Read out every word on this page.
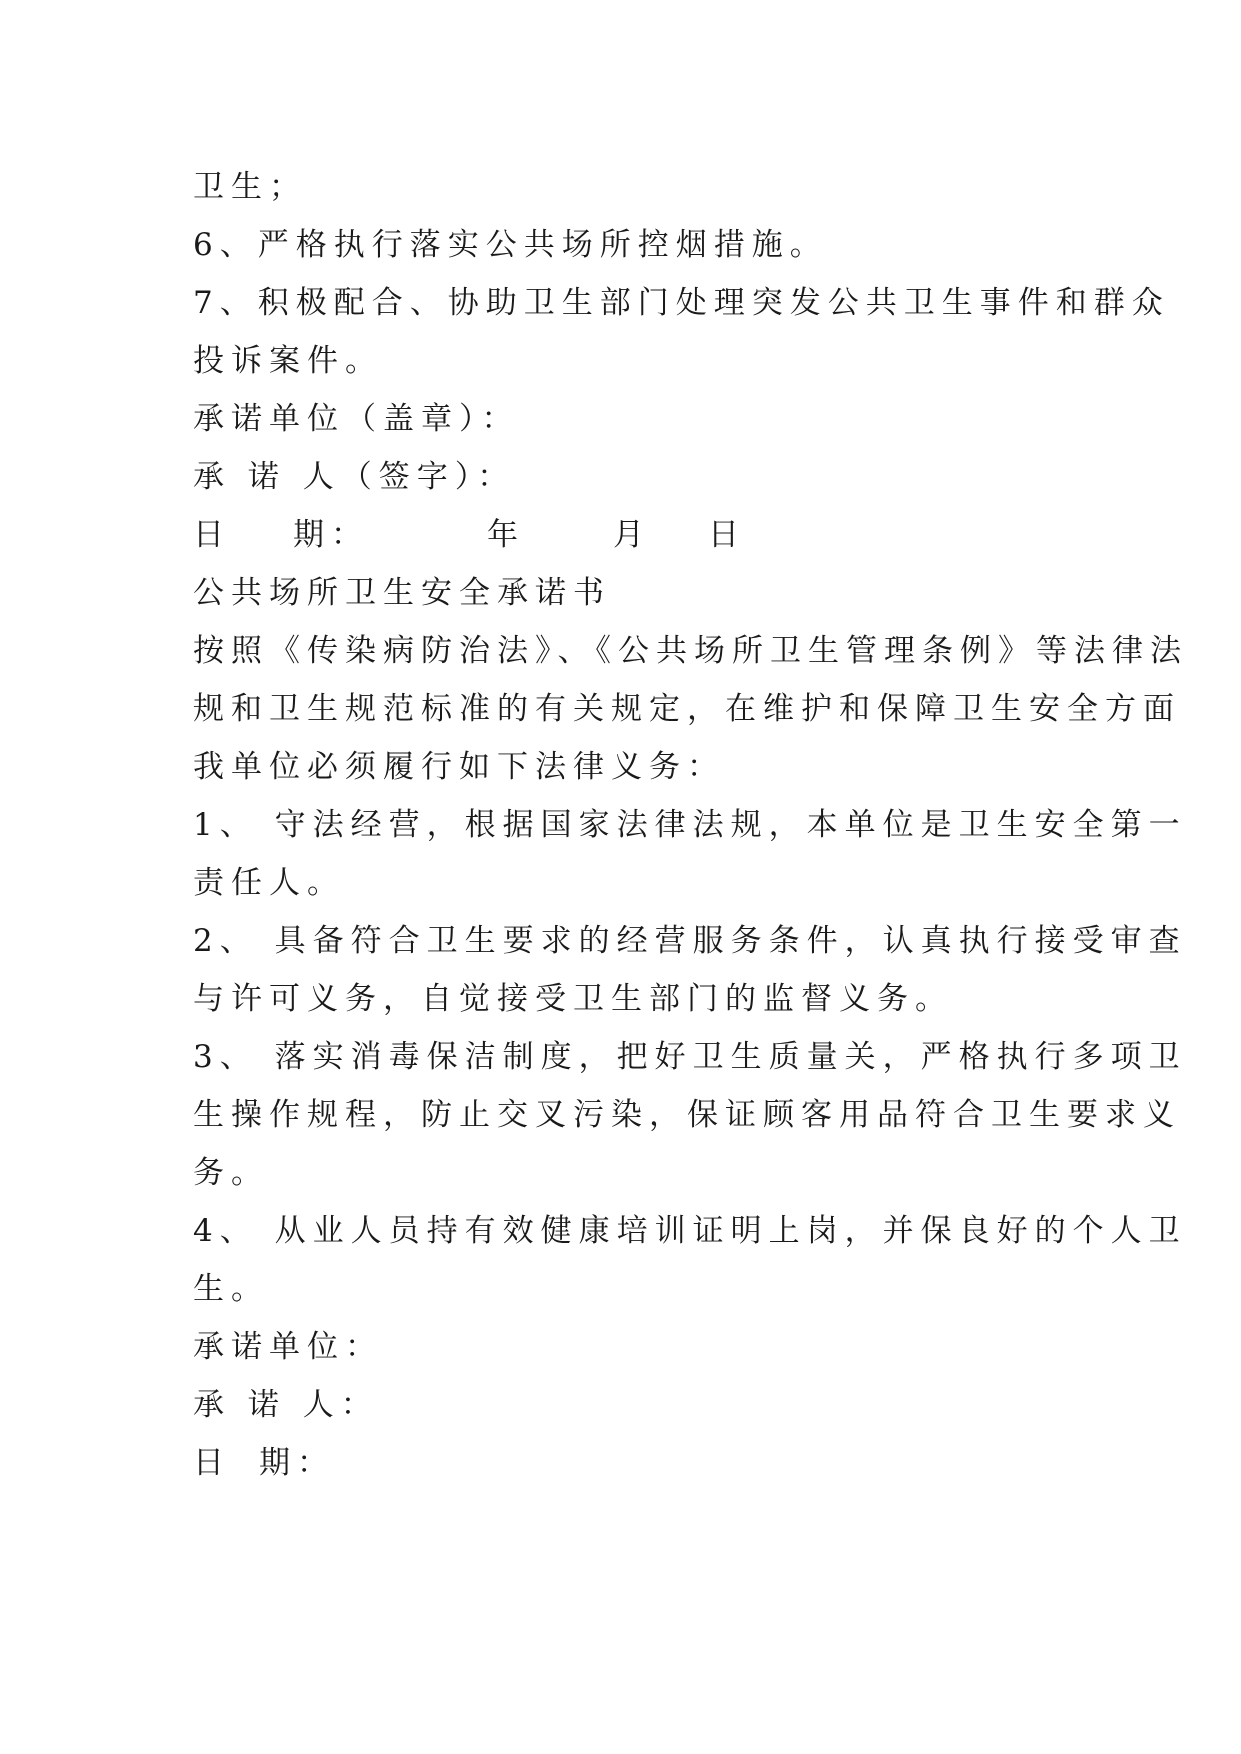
卫生；
6、严格执行落实公共场所控烟措施。
7、积极配合、协助卫生部门处理突发公共卫生事件和群众
投诉案件。
承诺单位（盖章）：
承 诺 人（签字）：
日 期：	年	月 日
公共场所卫生安全承诺书
按照《传染病防治法》、《公共场所卫生管理条例》等法律法
规和卫生规范标准的有关规定，在维护和保障卫生安全方面
我单位必须履行如下法律义务：
1、 守法经营，根据国家法律法规，本单位是卫生安全第一
责任人。
2、 具备符合卫生要求的经营服务条件，认真执行接受审查
与许可义务，自觉接受卫生部门的监督义务。
3、 落实消毒保洁制度，把好卫生质量关，严格执行多项卫
生操作规程，防止交叉污染，保证顾客用品符合卫生要求义
务。
4、 从业人员持有效健康培训证明上岗，并保良好的个人卫
生。
承诺单位：
承 诺 人：
日 期：
